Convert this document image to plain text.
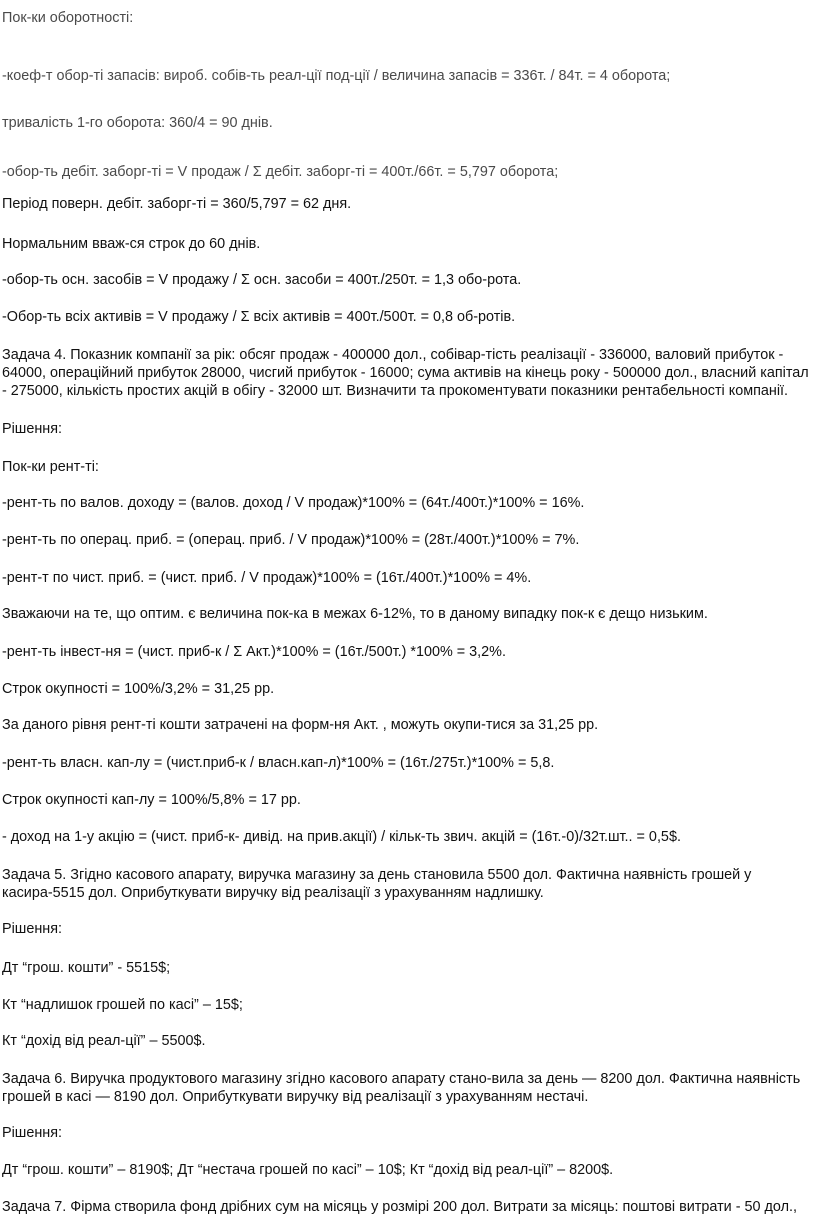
Пок-ки оборотності:

-коеф-т обор-ті запасів: вироб. собів-ть реал-ції под-ції / величина запасів = 336т. / 84т. = 4 оборота;

тривалість 1-го оборота: 360/4 = 90 днів.

-обор-ть дебіт. заборг-ті = V продаж / Σ дебіт. заборг-ті = 400т./66т. = 5,797 оборота;

Період поверн. дебіт. заборг-ті = 360/5,797 = 62 дня.

Нормальним вваж-ся строк до 60 днів.

-обор-ть осн. засобів = V продажу / Σ осн. засоби = 400т./250т. = 1,3 обо-рота.

-Обор-ть всіх активів = V продажу / Σ всіх активів = 400т./500т. = 0,8 об-ротів.

Задача 4. Показник компанії за рік: обсяг продаж - 400000 дол., собівар-тість реалізації - 336000, валовий прибуток - 64000, операційний прибуток 28000, чисгий прибуток - 16000; сума активів на кінець року - 500000 дол., власний капітал - 275000, кількість простих акцій в обігу - 32000 шт. Визначити та прокоментувати показники рентабельності компанії.

Рішення:

Пок-ки рент-ті:

-рент-ть по валов. доходу = (валов. доход / V продаж)*100% = (64т./400т.)*100% = 16%.

-рент-ть по операц. приб. = (операц. приб. / V продаж)*100% = (28т./400т.)*100% = 7%.

-рент-т по чист. приб. = (чист. приб. / V продаж)*100% = (16т./400т.)*100% = 4%.

Зважаючи на те, що оптим. є величина пок-ка в межах 6-12%, то в даному випадку пок-к є дещо низьким.

-рент-ть інвест-ня = (чист. приб-к / Σ Акт.)*100% = (16т./500т.) *100% = 3,2%.

Строк окупності = 100%/3,2% = 31,25 рр.

За даного рівня рент-ті кошти затрачені на форм-ня Акт. , можуть окупи-тися за 31,25 рр.

-рент-ть власн. кап-лу = (чист.приб-к / власн.кап-л)*100% = (16т./275т.)*100% = 5,8.

Строк окупності кап-лу = 100%/5,8% = 17 рр.

- доход на 1-у акцію = (чист. приб-к- дивід. на прив.акції) / кільк-ть звич. акцій = (16т.-0)/32т.шт.. = 0,5$.

Задача 5. Згідно касового апарату, виручка магазину за день становила 5500 дол. Фактична наявність грошей у касира-5515 дол. Оприбуткувати виручку від реалізації з урахуванням надлишку.

Рішення:

Дт “грош. кошти” - 5515$;

Кт “надлишок грошей по касі” – 15$;

Кт “дохід від реал-ції” – 5500$.

Задача 6. Виручка продуктового магазину згідно касового апарату стано-вила за день — 8200 дол. Фактична наявність грошей в касі — 8190 дол. Оприбуткувати виручку від реалізації з урахуванням нестачі.

Рішення:

Дт “грош. кошти” – 8190$; Дт “нестача грошей по касі” – 10$; Кт “дохід від реал-ції” – 8200$.

Задача 7. Фірма створила фонд дрібних сум на місяць у розмірі 200 дол. Витрати за місяць: поштові витрати - 50 дол.,
